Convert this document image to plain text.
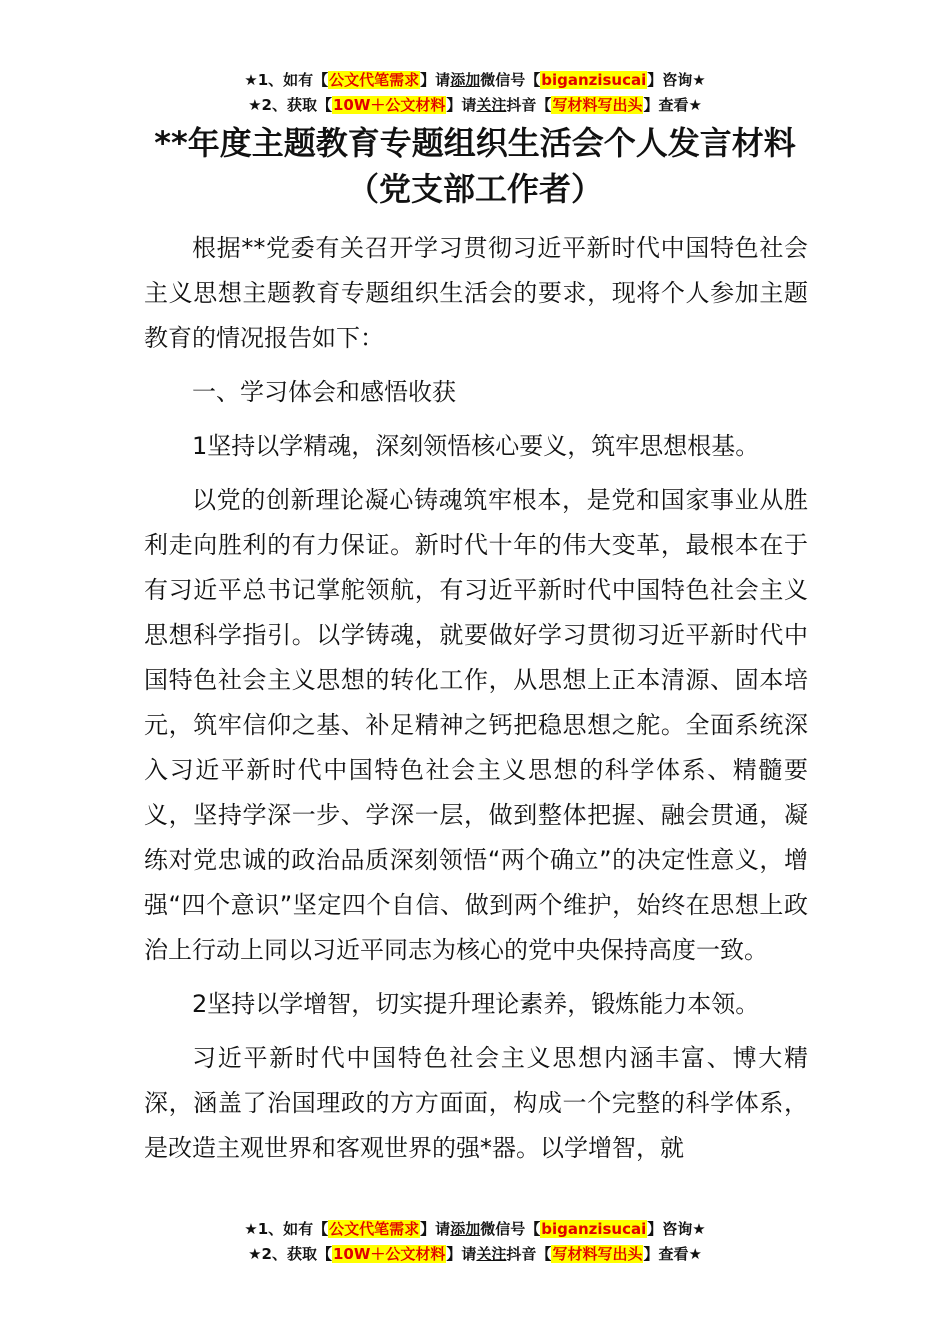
★1、如有【公文代笔需求】请添加微信号【biganzisucai】咨询★
★2、获取【10W＋公文材料】请关注抖音【写材料写出头】查看★
**年度主题教育专题组织生活会个人发言材料（党支部工作者）

根据**党委有关召开学习贯彻习近平新时代中国特色社会主义思想主题教育专题组织生活会的要求，现将个人参加主题教育的情况报告如下：

一、学习体会和感悟收获

1坚持以学精魂，深刻领悟核心要义，筑牢思想根基。

以党的创新理论凝心铸魂筑牢根本，是党和国家事业从胜利走向胜利的有力保证。新时代十年的伟大变革，最根本在于有习近平总书记掌舵领航，有习近平新时代中国特色社会主义思想科学指引。以学铸魂，就要做好学习贯彻习近平新时代中国特色社会主义思想的转化工作，从思想上正本清源、固本培元，筑牢信仰之基、补足精神之钙把稳思想之舵。全面系统深入习近平新时代中国特色社会主义思想的科学体系、精髓要义，坚持学深一步、学深一层，做到整体把握、融会贯通，凝练对党忠诚的政治品质深刻领悟“两个确立”的决定性意义，增强“四个意识”坚定四个自信、做到两个维护，始终在思想上政治上行动上同以习近平同志为核心的党中央保持高度一致。

2坚持以学增智，切实提升理论素养，锻炼能力本领。

习近平新时代中国特色社会主义思想内涵丰富、博大精深，涵盖了治国理政的方方面面，构成一个完整的科学体系，是改造主观世界和客观世界的强*器。以学增智，就

★1、如有【公文代笔需求】请添加微信号【biganzisucai】咨询★
★2、获取【10W＋公文材料】请关注抖音【写材料写出头】查看★
